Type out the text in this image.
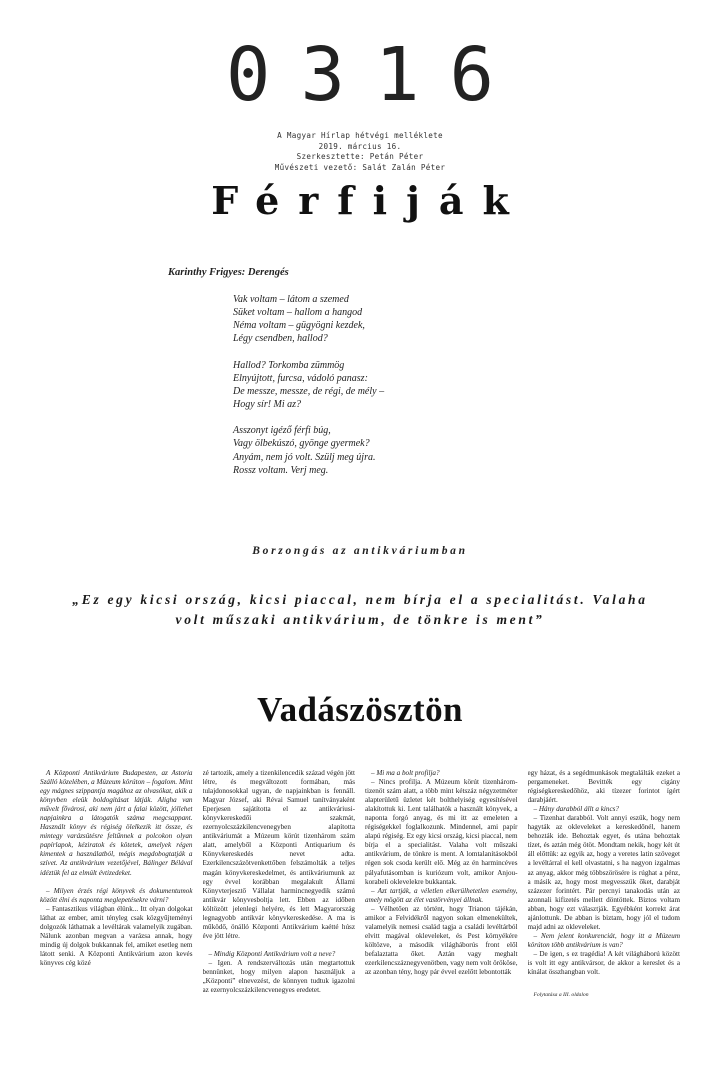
0316
A Magyar Hírlap hétvégi melléklete
2019. március 16.
Szerkesztette: Petán Péter
Művészeti vezető: Salát Zalán Péter
Férfiják
Karinthy Frigyes: Derengés
Vak voltam – látom a szemed
Süket voltam – hallom a hangod
Néma voltam – gügyögni kezdek,
Légy csendben, hallod?
Hallod? Torkomba zümmög
Elnyújtott, furcsa, vádoló panasz:
De messze, messze, de régi, de mély –
Hogy sír! Mi az?
Asszonyt igéző férfi búg,
Vagy ölbekúszó, gyönge gyermek?
Anyám, nem jó volt. Szülj meg újra.
Rossz voltam. Verj meg.
Borzongás az antikváriumban
„Ez egy kicsi ország, kicsi piaccal, nem bírja el a specialitást. Valaha volt műszaki antikvárium, de tönkre is ment”
Vadászösztön

A Központi Antikvárium Budapesten, az Astoria Szálló közelében, a Múzeum körúton – fogalom. Mint egy mágnes szippantja magához az olvasókat, akik a könyvben eleük boldogításat látják. Aligha van művelt fővárosi, aki nem járt a falai között, jóllehet napjainkra a látogatók száma megcsappant. Használt könyv és régiség ölelkezik itt össze, és mintegy varázsütésre feltűnnek a polcokon olyan papírlapok, kéziratok és kötetek, amelyek régen kimentek a használatból, mégis megdobogtatják a szívet. Az antikvárium vezetőjével, Bálinger Bélával idéztük fel az elmúlt évtizedeket.

– Milyen érzés régi könyvek és dokumentumok között élni és naponta meglepetésekre várni?

– Fantasztikus világban élünk... Itt olyan dolgokat láthat az ember, amit tényleg csak közgyűjteményi dolgozók láthatnak a levéltárak valamelyik zugában. Nálunk azonban megvan a varázsa annak, hogy mindig új dolgok bukkannak fel, amiket esetleg nem látott senki. A Központi Antikvárium azon kevés könyves cég közé

zé tartozik, amely a tizenkilencedik század végén jött létre, és megváltozott formában, más tulajdonosokkal ugyan, de napjainkban is fennáll. Magyar József, aki Révai Samuel tanítványaként Eperjesen sajátította el az antikváriusi-könyvkereskedői szakmát, ezernyolcszázkilencvenegyben alapította antikváriumát a Múzeum körút tizenhárom szám alatt, amelyből a Központi Antiquarium és Könyvkereskedés nevet adta. Ezerkilencszázötvenkettőben felszámolták a teljes magán könyvkereskedelmet, és antikváriumunk az egy évvel korábban megalakult Állami Könyvterjesztő Vállalat harmincnegyedik számú antikvár könyvesboltja lett. Ebben az időben költözött jelenlegi helyére, és lett Magyarország legnagyobb antikvár könyvkereskedése. A ma is működő, önálló Központi Antikvárium kaétté húsz éve jött létre.

– Mindig Központi Antikvárium volt a neve?

– Igen. A rendszerváltozás után megtartottuk bennünket, hogy milyen alapon használjuk a „Központi” elnevezést, de könnyen tudtuk igazolni az ezernyolcszázkilencvenegyes eredetet.

– Mi ma a bolt profilja?

– Nincs profilja. A Múzeum körút tizenhárom-tizenöt szám alatt, a több mint kétszáz négyzetméter alapterületű üzletet két bolthelyiség egyesítésével alakítottuk ki. Lent találhatók a használt könyvek, a naponta forgó anyag, és mi itt az emeleten a régiségekkel foglalkozunk. Mindennel, ami papír alapú régiség. Ez egy kicsi ország, kicsi piaccal, nem bírja el a specialitást. Valaha volt műszaki antikvárium, de tönkre is ment. A lomtalanításokból régen sok csoda került elő. Még az én harmincéves pályafutásomban is kuriózum volt, amikor Anjou-korabeli oklevelekre bukkantak.

– Azt tartják, a véletlen elkerülhetetlen esemény, amely mögött az élet vastörvényei állnak.

– Vélhetően az történt, hogy Trianon tájékán, amikor a Felvidékről nagyon sokan elmenekültek, valamelyik nemesi család tagja a családi levéltárból elvitt magával okleveleket, és Pest környékére költözve, a második világháborús front elől befalaztatta őket. Aztán vagy meghalt ezerkilencszáznegyvenötben, vagy nem volt örököse, az azonban tény, hogy pár évvel ezelőtt lebontották

egy házat, és a segédmunkások megtalálták ezeket a pergameneket. Bevitték egy cigány régiségkereskedőhöz, aki tízezer forintot ígért darabjáért.

– Hány darabból állt a kincs?

– Tizenhat darabból. Volt annyi eszük, hogy nem hagyták az okleveleket a kereskedőnél, hanem behozták ide. Behoztak egyet, és utána behoztak tízet, és aztán még ötöt. Mondtam nekik, hogy két út áll előttük: az egyik az, hogy a veretes latin szöveget a levéltárral el kell olvastatni, s ha nagyon izgalmas az anyag, akkor még többszörösére is rúghat a pénz, a másik az, hogy most megvesszük őket, darabját százezer forintért. Pár percnyi tanakodás után az azonnali kifizetés mellett döntöttek. Biztos voltam abban, hogy ezt választják. Egyébként korrekt árat ajánlottunk. De abban is biztam, hogy jól el tudom majd adni az okleveleket.

– Nem jelent konkurenciát, hogy itt a Múzeum körúton több antikvárium is van?

– De igen, s ez tragédia! A két világháború között is volt itt egy antikvársor, de akkor a kereslet és a kínálat összhangban volt.

Folytatása a III. oldalon
